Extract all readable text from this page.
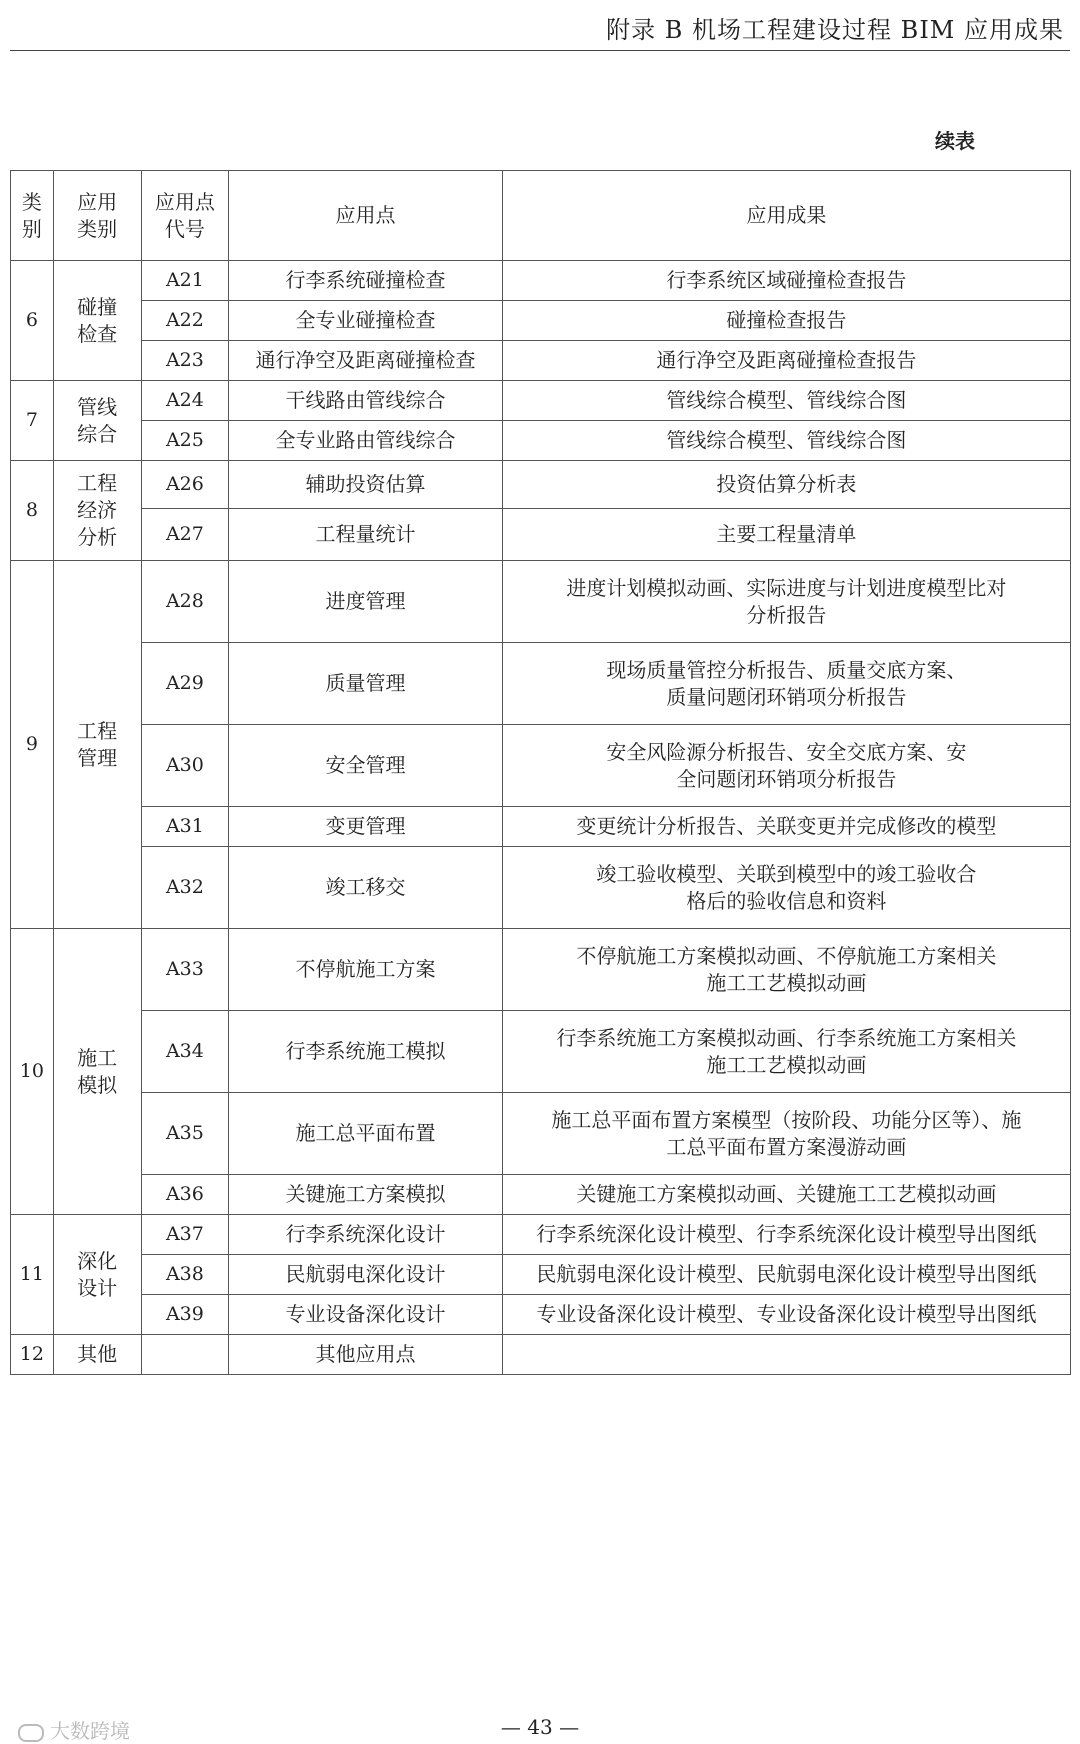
附录 B 机场工程建设过程 BIM 应用成果
续表
类别	应用类别	应用点代号	应用点	应用成果
6	碰撞检查	A21	行李系统碰撞检查	行李系统区域碰撞检查报告
		A22	全专业碰撞检查	碰撞检查报告
		A23	通行净空及距离碰撞检查	通行净空及距离碰撞检查报告
7	管线综合	A24	干线路由管线综合	管线综合模型、管线综合图
		A25	全专业路由管线综合	管线综合模型、管线综合图
8	工程经济分析	A26	辅助投资估算	投资估算分析表
		A27	工程量统计	主要工程量清单
9	工程管理	A28	进度管理	进度计划模拟动画、实际进度与计划进度模型比对分析报告

		A29	质量管理	现场质量管控分析报告、质量交底方案、质量问题闭环销项分析报告

		A30	安全管理	安全风险源分析报告、安全交底方案、安全问题闭环销项分析报告

		A31	变更管理	变更统计分析报告、关联变更并完成修改的模型
		A32	竣工移交	竣工验收模型、关联到模型中的竣工验收合格后的验收信息和资料

10	施工模拟	A33	不停航施工方案	不停航施工方案模拟动画、不停航施工方案相关施工工艺模拟动画

		A34	行李系统施工模拟	行李系统施工方案模拟动画、行李系统施工方案相关施工工艺模拟动画

		A35	施工总平面布置	施工总平面布置方案模型（按阶段、功能分区等）、施工总平面布置方案漫游动画

		A36	关键施工方案模拟	关键施工方案模拟动画、关键施工工艺模拟动画
11	深化设计	A37	行李系统深化设计	行李系统深化设计模型、行李系统深化设计模型导出图纸
		A38	民航弱电深化设计	民航弱电深化设计模型、民航弱电深化设计模型导出图纸
		A39	专业设备深化设计	专业设备深化设计模型、专业设备深化设计模型导出图纸
12	其他		其他应用点	
— 43 —
大数跨境
